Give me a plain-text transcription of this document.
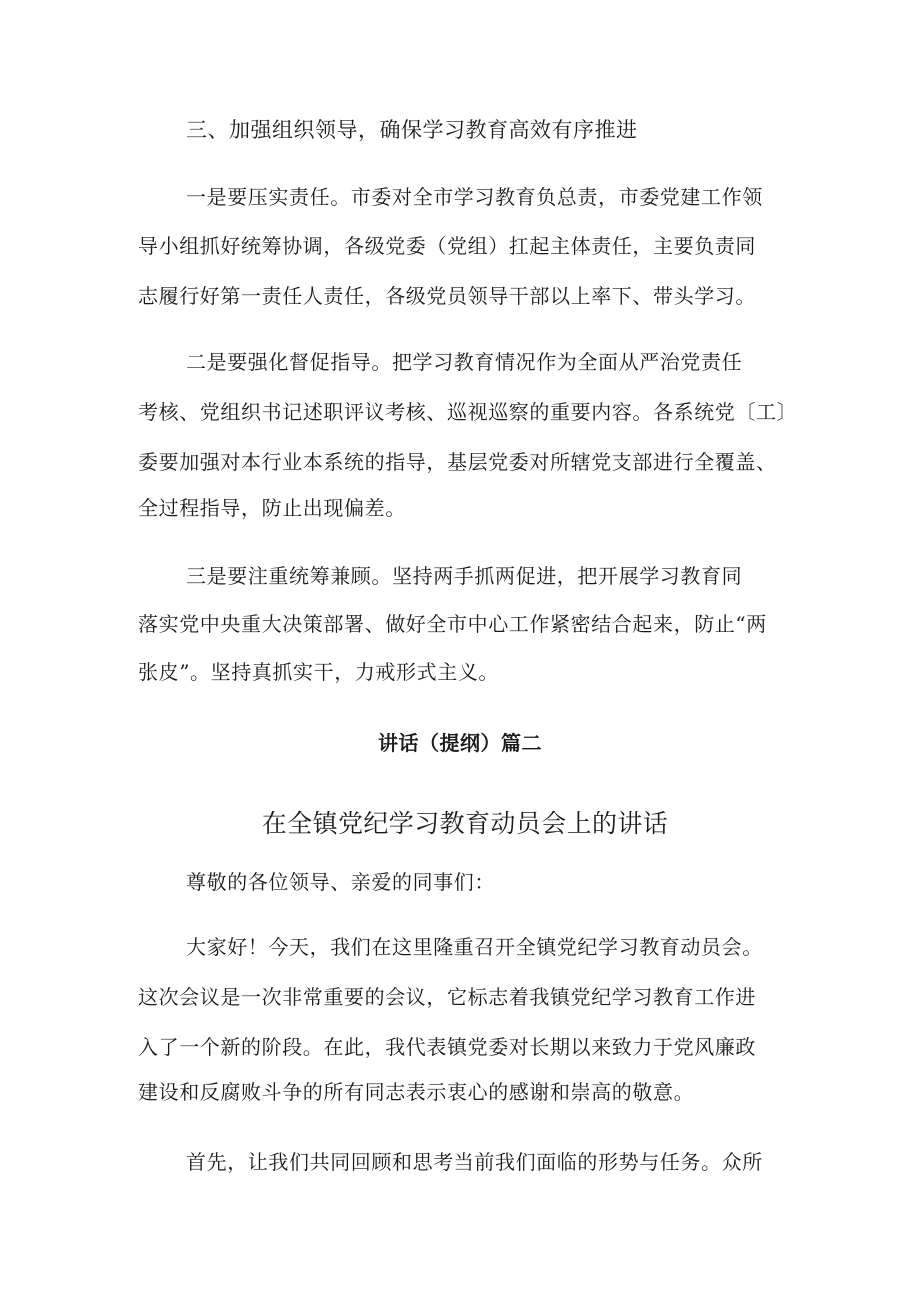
三、加强组织领导，确保学习教育高效有序推进
一是要压实责任。市委对全市学习教育负总责，市委党建工作领
导小组抓好统筹协调，各级党委（党组）扛起主体责任，主要负责同
志履行好第一责任人责任，各级党员领导干部以上率下、带头学习。
二是要强化督促指导。把学习教育情况作为全面从严治党责任
考核、党组织书记述职评议考核、巡视巡察的重要内容。各系统党〔工〕
委要加强对本行业本系统的指导，基层党委对所辖党支部进行全覆盖、
全过程指导，防止出现偏差。
三是要注重统筹兼顾。坚持两手抓两促进，把开展学习教育同
落实党中央重大决策部署、做好全市中心工作紧密结合起来，防止“两
张皮”。坚持真抓实干，力戒形式主义。
讲话（提纲）篇二
在全镇党纪学习教育动员会上的讲话
尊敬的各位领导、亲爱的同事们：
大家好！今天，我们在这里隆重召开全镇党纪学习教育动员会。
这次会议是一次非常重要的会议，它标志着我镇党纪学习教育工作进
入了一个新的阶段。在此，我代表镇党委对长期以来致力于党风廉政
建设和反腐败斗争的所有同志表示衷心的感谢和崇高的敬意。
首先，让我们共同回顾和思考当前我们面临的形势与任务。众所
